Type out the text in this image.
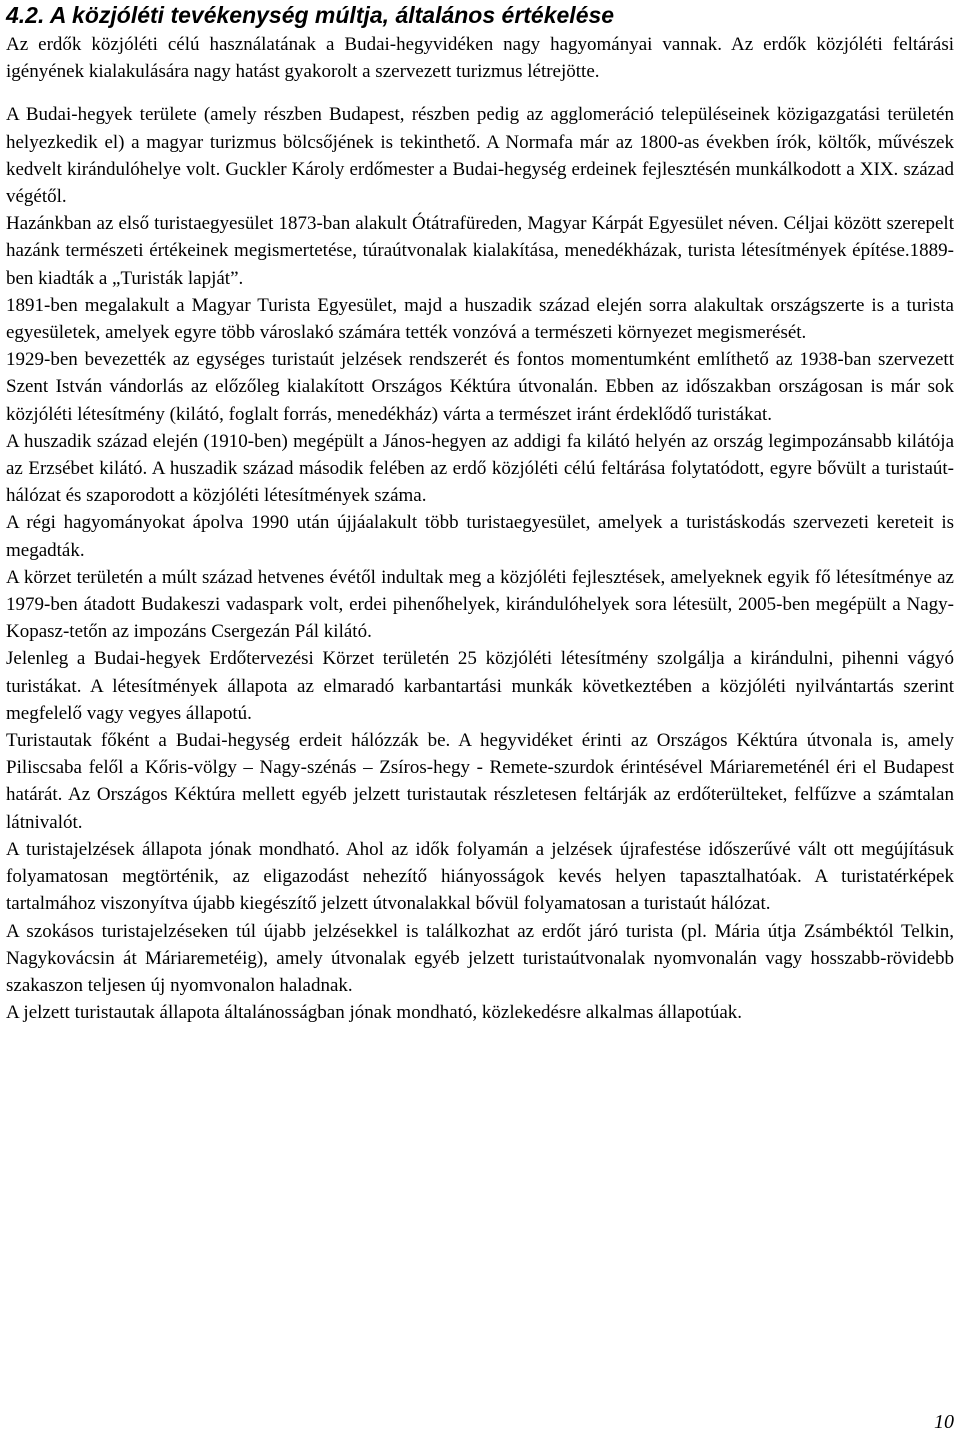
4.2. A közjóléti tevékenység múltja, általános értékelése

Az erdők közjóléti célú használatának a Budai-hegyvidéken nagy hagyományai vannak. Az erdők közjóléti feltárási igényének kialakulására nagy hatást gyakorolt a szervezett turizmus létrejötte.

A Budai-hegyek területe (amely részben Budapest, részben pedig az agglomeráció településeinek közigazgatási területén helyezkedik el) a magyar turizmus bölcsőjének is tekinthető. A Normafa már az 1800-as években írók, költők, művészek kedvelt kirándulóhelye volt. Guckler Károly erdőmester a Budai-hegység erdeinek fejlesztésén munkálkodott a XIX. század végétől.

Hazánkban az első turistaegyesület 1873-ban alakult Ótátrafüreden, Magyar Kárpát Egyesület néven. Céljai között szerepelt hazánk természeti értékeinek megismertetése, túraútvonalak kialakítása, menedékházak, turista létesítmények építése.1889-ben kiadták a „Turisták lapját”.

1891-ben megalakult a Magyar Turista Egyesület, majd a huszadik század elején sorra alakultak országszerte is a turista egyesületek, amelyek egyre több városlakó számára tették vonzóvá a természeti környezet megismerését.

1929-ben bevezették az egységes turistaút jelzések rendszerét és fontos momentumként említhető az 1938-ban szervezett Szent István vándorlás az előzőleg kialakított Országos Kéktúra útvonalán. Ebben az időszakban országosan is már sok közjóléti létesítmény (kilátó, foglalt forrás, menedékház) várta a természet iránt érdeklődő turistákat.

A huszadik század elején (1910-ben) megépült a János-hegyen az addigi fa kilátó helyén az ország legimpozánsabb kilátója az Erzsébet kilátó. A huszadik század második felében az erdő közjóléti célú feltárása folytatódott, egyre bővült a turistaút-hálózat és szaporodott a közjóléti létesítmények száma.

A régi hagyományokat ápolva 1990 után újjáalakult több turistaegyesület, amelyek a turistáskodás szervezeti kereteit is megadták.

A körzet területén a múlt század hetvenes évétől indultak meg a közjóléti fejlesztések, amelyeknek egyik fő létesítménye az 1979-ben átadott Budakeszi vadaspark volt, erdei pihenőhelyek, kirándulóhelyek sora létesült, 2005-ben megépült a Nagy-Kopasz-tetőn az impozáns Csergezán Pál kilátó.

Jelenleg a Budai-hegyek Erdőtervezési Körzet területén 25 közjóléti létesítmény szolgálja a kirándulni, pihenni vágyó turistákat. A létesítmények állapota az elmaradó karbantartási munkák következtében a közjóléti nyilvántartás szerint megfelelő vagy vegyes állapotú.

Turistautak főként a Budai-hegység erdeit hálózzák be. A hegyvidéket érinti az Országos Kéktúra útvonala is, amely Piliscsaba felől a Kőris-völgy – Nagy-szénás – Zsíros-hegy - Remete-szurdok érintésével Máriaremeténél éri el Budapest határát. Az Országos Kéktúra mellett egyéb jelzett turistautak részletesen feltárják az erdőterülteket, felfűzve a számtalan látnivalót.

A turistajelzések állapota jónak mondható. Ahol az idők folyamán a jelzések újrafestése időszerűvé vált ott megújításuk folyamatosan megtörténik, az eligazodást nehezítő hiányosságok kevés helyen tapasztalhatóak. A turistatérképek tartalmához viszonyítva újabb kiegészítő jelzett útvonalakkal bővül folyamatosan a turistaút hálózat.

A szokásos turistajelzéseken túl újabb jelzésekkel is találkozhat az erdőt járó turista (pl. Mária útja Zsámbéktól Telkin, Nagykovácsin át Máriaremetéig), amely útvonalak egyéb jelzett turistaútvonalak nyomvonalán vagy hosszabb-rövidebb szakaszon teljesen új nyomvonalon haladnak.

A jelzett turistautak állapota általánosságban jónak mondható, közlekedésre alkalmas állapotúak.

10
